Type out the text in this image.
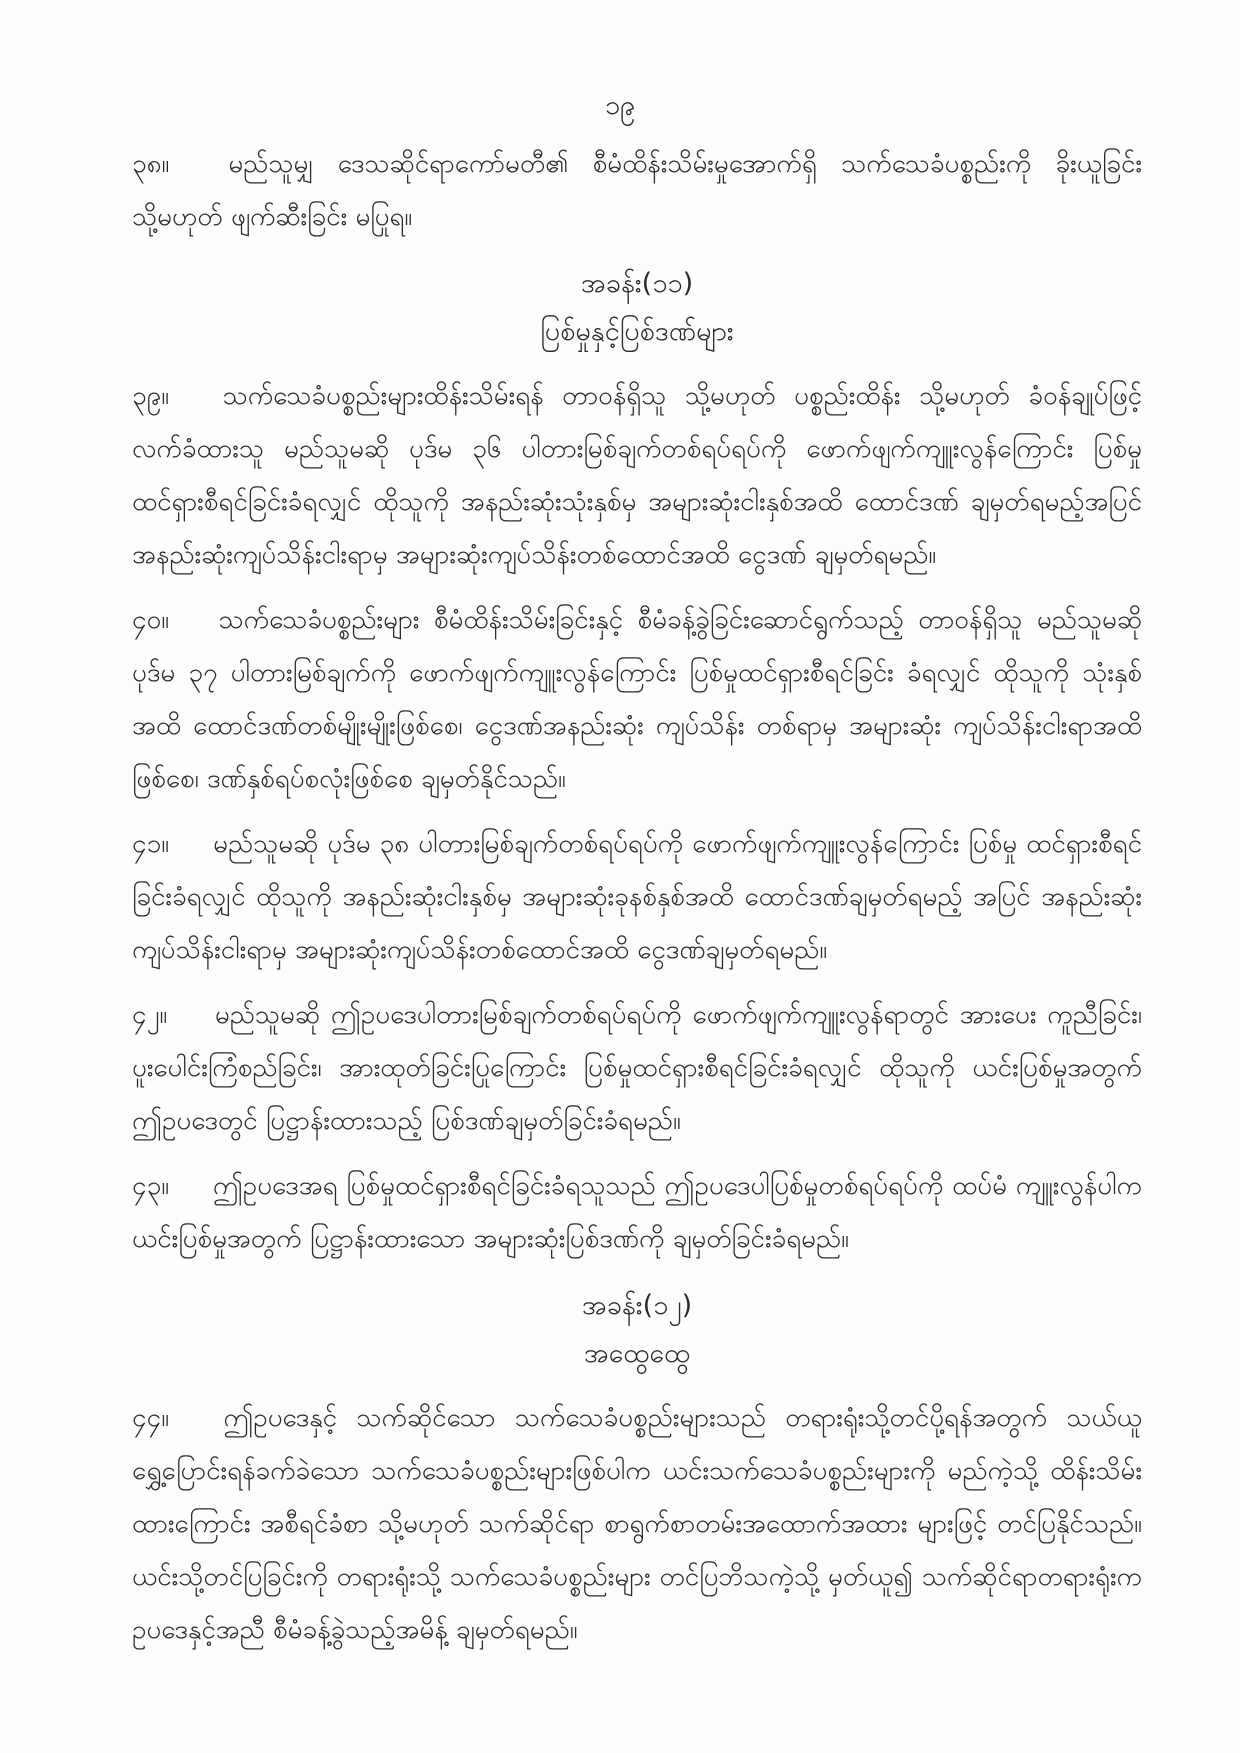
၁၉

၃၈။ မည်သူမျှ ဒေသဆိုင်ရာကော်မတီ၏ စီမံထိန်းသိမ်းမှုအောက်ရှိ သက်သေခံပစ္စည်းကို ခိုးယူခြင်း သို့မဟုတ် ဖျက်ဆီးခြင်း မပြုရ။

အခန်း(၁၁)
ပြစ်မှုနှင့်ပြစ်ဒဏ်များ

၃၉။ သက်သေခံပစ္စည်းများထိန်းသိမ်းရန် တာဝန်ရှိသူ သို့မဟုတ် ပစ္စည်းထိန်း သို့မဟုတ် ခံဝန်ချုပ်ဖြင့် လက်ခံထားသူ မည်သူမဆို ပုဒ်မ ၃၆ ပါတားမြစ်ချက်တစ်ရပ်ရပ်ကို ဖောက်ဖျက်ကျူးလွန်ကြောင်း ပြစ်မှုထင်ရှားစီရင်ခြင်းခံရလျှင် ထိုသူကို အနည်းဆုံးသုံးနှစ်မှ အများဆုံးငါးနှစ်အထိ ထောင်ဒဏ် ချမှတ်ရမည့်အပြင် အနည်းဆုံးကျပ်သိန်းငါးရာမှ အများဆုံးကျပ်သိန်းတစ်ထောင်အထိ ငွေဒဏ် ချမှတ်ရမည်။

၄၀။ သက်သေခံပစ္စည်းများ စီမံထိန်းသိမ်းခြင်းနှင့် စီမံခန့်ခွဲခြင်းဆောင်ရွက်သည့် တာဝန်ရှိသူ မည်သူမဆို ပုဒ်မ ၃၇ ပါတားမြစ်ချက်ကို ဖောက်ဖျက်ကျူးလွန်ကြောင်း ပြစ်မှုထင်ရှားစီရင်ခြင်း ခံရလျှင် ထိုသူကို သုံးနှစ်အထိ ထောင်ဒဏ်တစ်မျိုးမျိုးဖြစ်စေ၊ ငွေဒဏ်အနည်းဆုံး ကျပ်သိန်း တစ်ရာမှ အများဆုံး ကျပ်သိန်းငါးရာအထိဖြစ်စေ၊ ဒဏ်နှစ်ရပ်စလုံးဖြစ်စေ ချမှတ်နိုင်သည်။

၄၁။ မည်သူမဆို ပုဒ်မ ၃၈ ပါတားမြစ်ချက်တစ်ရပ်ရပ်ကို ဖောက်ဖျက်ကျူးလွန်ကြောင်း ပြစ်မှု ထင်ရှားစီရင်ခြင်းခံရလျှင် ထိုသူကို အနည်းဆုံးငါးနှစ်မှ အများဆုံးခုနစ်နှစ်အထိ ထောင်ဒဏ်ချမှတ်ရမည့် အပြင် အနည်းဆုံးကျပ်သိန်းငါးရာမှ အများဆုံးကျပ်သိန်းတစ်ထောင်အထိ ငွေဒဏ်ချမှတ်ရမည်။

၄၂။ မည်သူမဆို ဤဥပဒေပါတားမြစ်ချက်တစ်ရပ်ရပ်ကို ဖောက်ဖျက်ကျူးလွန်ရာတွင် အားပေး ကူညီခြင်း၊ ပူးပေါင်းကြံစည်ခြင်း၊ အားထုတ်ခြင်းပြုကြောင်း ပြစ်မှုထင်ရှားစီရင်ခြင်းခံရလျှင် ထိုသူကို ယင်းပြစ်မှုအတွက် ဤဥပဒေတွင် ပြဋ္ဌာန်းထားသည့် ပြစ်ဒဏ်ချမှတ်ခြင်းခံရမည်။

၄၃။ ဤဥပဒေအရ ပြစ်မှုထင်ရှားစီရင်ခြင်းခံရသူသည် ဤဥပဒေပါပြစ်မှုတစ်ရပ်ရပ်ကို ထပ်မံ ကျူးလွန်ပါက ယင်းပြစ်မှုအတွက် ပြဋ္ဌာန်းထားသော အများဆုံးပြစ်ဒဏ်ကို ချမှတ်ခြင်းခံရမည်။

အခန်း(၁၂)
အထွေထွေ

၄၄။ ဤဥပဒေနှင့် သက်ဆိုင်သော သက်သေခံပစ္စည်းများသည် တရားရုံးသို့တင်ပို့ရန်အတွက် သယ်ယူ ရွှေ့ပြောင်းရန်ခက်ခဲသော သက်သေခံပစ္စည်းများဖြစ်ပါက ယင်းသက်သေခံပစ္စည်းများကို မည်ကဲ့သို့ ထိန်းသိမ်းထားကြောင်း အစီရင်ခံစာ သို့မဟုတ် သက်ဆိုင်ရာ စာရွက်စာတမ်းအထောက်အထား များဖြင့် တင်ပြနိုင်သည်။ ယင်းသို့တင်ပြခြင်းကို တရားရုံးသို့ သက်သေခံပစ္စည်းများ တင်ပြဘိသကဲ့သို့ မှတ်ယူ၍ သက်ဆိုင်ရာတရားရုံးက ဥပဒေနှင့်အညီ စီမံခန့်ခွဲသည့်အမိန့် ချမှတ်ရမည်။
